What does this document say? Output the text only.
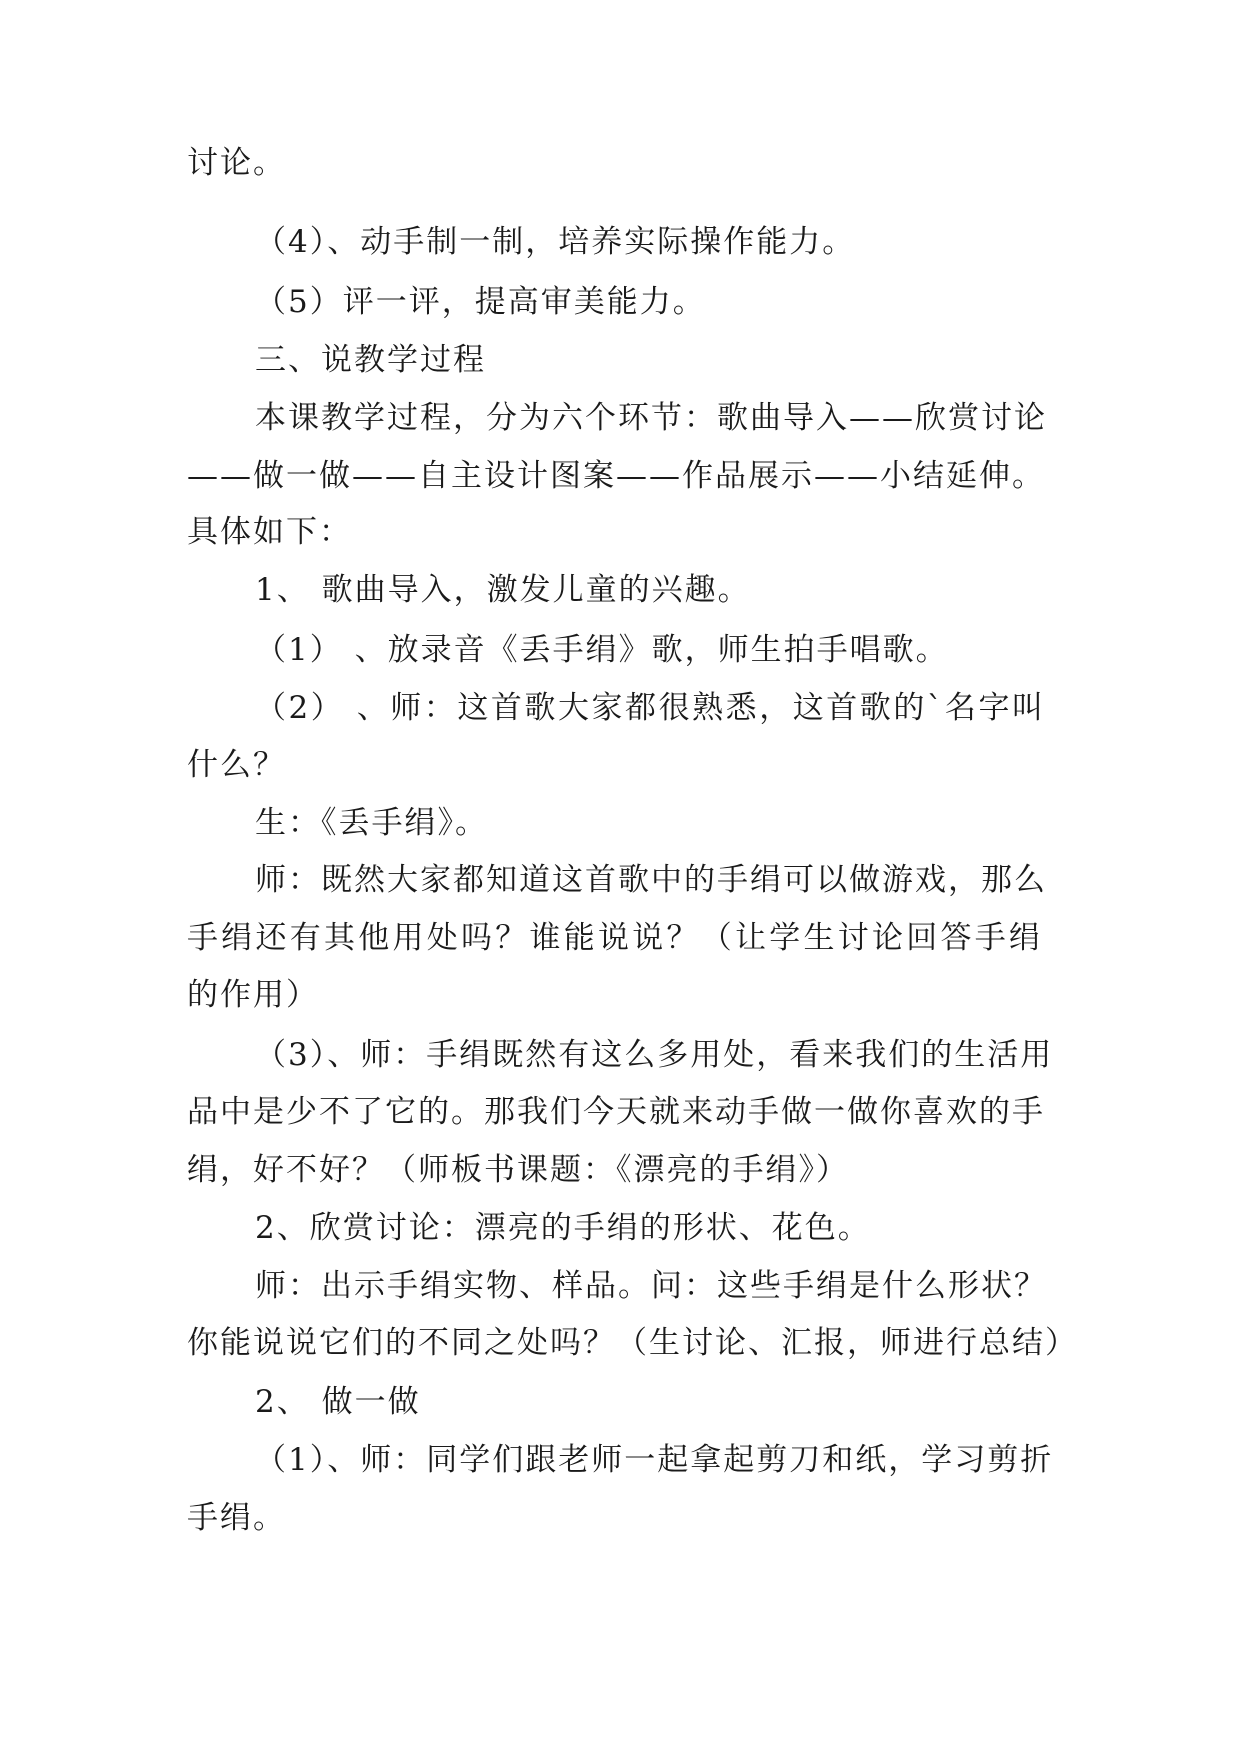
讨论。
（4）、动手制一制，培养实际操作能力。
（5）评一评，提高审美能力。
三、说教学过程
本课教学过程，分为六个环节：歌曲导入——欣赏讨论
——做一做——自主设计图案——作品展示——小结延伸。
具体如下：
1、 歌曲导入，激发儿童的兴趣。
（1） 、放录音《丢手绢》歌，师生拍手唱歌。
（2） 、师：这首歌大家都很熟悉，这首歌的`名字叫
什么？
生：《丢手绢》。
师：既然大家都知道这首歌中的手绢可以做游戏，那么
手绢还有其他用处吗？谁能说说？（让学生讨论回答手绢
的作用）
（3）、师：手绢既然有这么多用处，看来我们的生活用
品中是少不了它的。那我们今天就来动手做一做你喜欢的手
绢，好不好？（师板书课题：《漂亮的手绢》）
2、欣赏讨论：漂亮的手绢的形状、花色。
师：出示手绢实物、样品。问：这些手绢是什么形状？
你能说说它们的不同之处吗？（生讨论、汇报，师进行总结）
2、 做一做
（1）、师：同学们跟老师一起拿起剪刀和纸，学习剪折
手绢。
